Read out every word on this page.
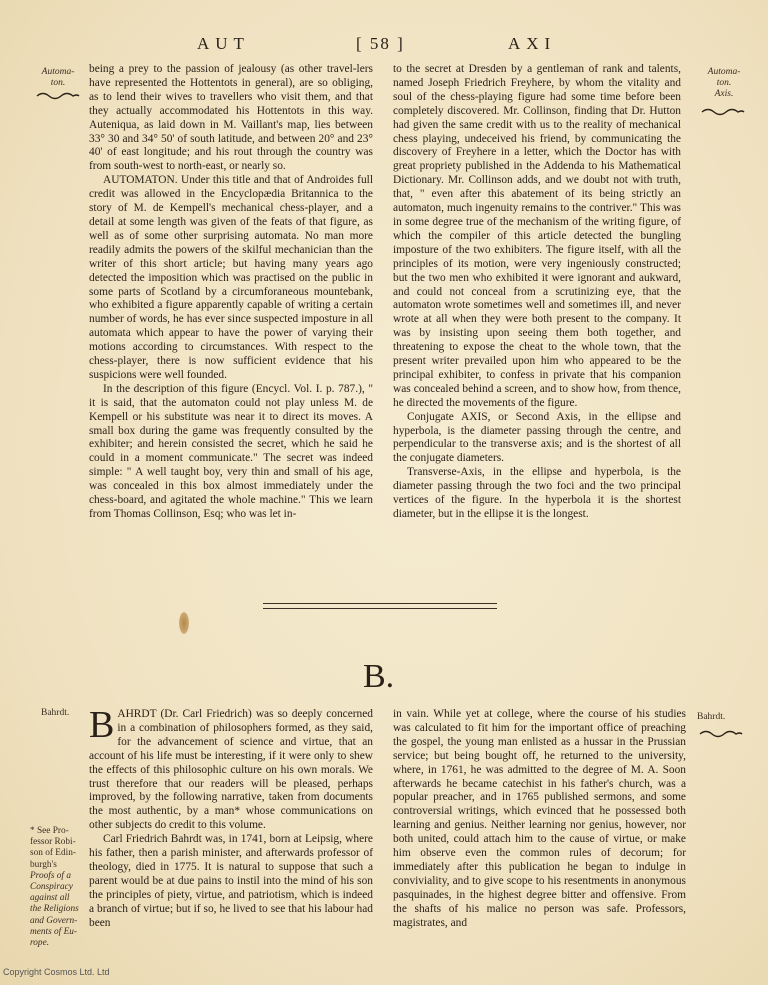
AUT	[ 58 ]	AXI
Automa-
ton.
Automa-
ton.
Axis.

being a prey to the passion of jealousy (as other travel-lers have represented the Hottentots in general), are so obliging, as to lend their wives to travellers who visit them, and that they actually accommodated his Hottentots in this way. Auteniqua, as laid down in M. Vaillant's map, lies between 33° 30 and 34° 50' of south latitude, and between 20° and 23° 40' of east longitude; and his rout through the country was from south-west to north-east, or nearly so.

AUTOMATON. Under this title and that of Androides full credit was allowed in the Encyclopædia Britannica to the story of M. de Kempell's mechanical chess-player, and a detail at some length was given of the feats of that figure, as well as of some other surprising automata. No man more readily admits the powers of the skilful mechanician than the writer of this short article; but having many years ago detected the imposition which was practised on the public in some parts of Scotland by a circumforaneous mountebank, who exhibited a figure apparently capable of writing a certain number of words, he has ever since suspected imposture in all automata which appear to have the power of varying their motions according to circumstances. With respect to the chess-player, there is now sufficient evidence that his suspicions were well founded.

In the description of this figure (Encycl. Vol. I. p. 787.), " it is said, that the automaton could not play unless M. de Kempell or his substitute was near it to direct its moves. A small box during the game was frequently consulted by the exhibiter; and herein consisted the secret, which he said he could in a moment communicate." The secret was indeed simple: " A well taught boy, very thin and small of his age, was concealed in this box almost immediately under the chess-board, and agitated the whole machine." This we learn from Thomas Collinson, Esq; who was let in-

to the secret at Dresden by a gentleman of rank and talents, named Joseph Friedrich Freyhere, by whom the vitality and soul of the chess-playing figure had some time before been completely discovered. Mr. Collinson, finding that Dr. Hutton had given the same credit with us to the reality of mechanical chess playing, undeceived his friend, by communicating the discovery of Freyhere in a letter, which the Doctor has with great propriety published in the Addenda to his Mathematical Dictionary. Mr. Collinson adds, and we doubt not with truth, that, " even after this abatement of its being strictly an automaton, much ingenuity remains to the contriver." This was in some degree true of the mechanism of the writing figure, of which the compiler of this article detected the bungling imposture of the two exhibiters. The figure itself, with all the principles of its motion, were very ingeniously constructed; but the two men who exhibited it were ignorant and aukward, and could not conceal from a scrutinizing eye, that the automaton wrote sometimes well and sometimes ill, and never wrote at all when they were both present to the company. It was by insisting upon seeing them both together, and threatening to expose the cheat to the whole town, that the present writer prevailed upon him who appeared to be the principal exhibiter, to confess in private that his companion was concealed behind a screen, and to show how, from thence, he directed the movements of the figure.

Conjugate AXIS, or Second Axis, in the ellipse and hyperbola, is the diameter passing through the centre, and perpendicular to the transverse axis; and is the shortest of all the conjugate diameters.

Transverse-Axis, in the ellipse and hyperbola, is the diameter passing through the two foci and the two principal vertices of the figure. In the hyperbola it is the shortest diameter, but in the ellipse it is the longest.

B.
Bahrdt.	Bahrdt.

BAHRDT (Dr. Carl Friedrich) was so deeply concerned in a combination of philosophers formed, as they said, for the advancement of science and virtue, that an account of his life must be interesting, if it were only to shew the effects of this philosophic culture on his own morals. We trust therefore that our readers will be pleased, perhaps improved, by the following narrative, taken from documents the most authentic, by a man* whose communications on other subjects do credit to this volume.

Carl Friedrich Bahrdt was, in 1741, born at Leipsig, where his father, then a parish minister, and afterwards professor of theology, died in 1775. It is natural to suppose that such a parent would be at due pains to instil into the mind of his son the principles of piety, virtue, and patriotism, which is indeed a branch of virtue; but if so, he lived to see that his labour had been

* See Pro-
fessor Robi-
son of Edin-
burgh's
Proofs of a
Conspiracy
against all
the Religions
and Govern-
ments of Eu-
rope.

in vain. While yet at college, where the course of his studies was calculated to fit him for the important office of preaching the gospel, the young man enlisted as a hussar in the Prussian service; but being bought off, he returned to the university, where, in 1761, he was admitted to the degree of M. A. Soon afterwards he became catechist in his father's church, was a popular preacher, and in 1765 published sermons, and some controversial writings, which evinced that he possessed both learning and genius. Neither learning nor genius, however, nor both united, could attach him to the cause of virtue, or make him observe even the common rules of decorum; for immediately after this publication he began to indulge in conviviality, and to give scope to his resentments in anonymous pasquinades, in the highest degree bitter and offensive. From the shafts of his malice no person was safe. Professors, magistrates, and

Copyright Cosmos Ltd. Ltd
